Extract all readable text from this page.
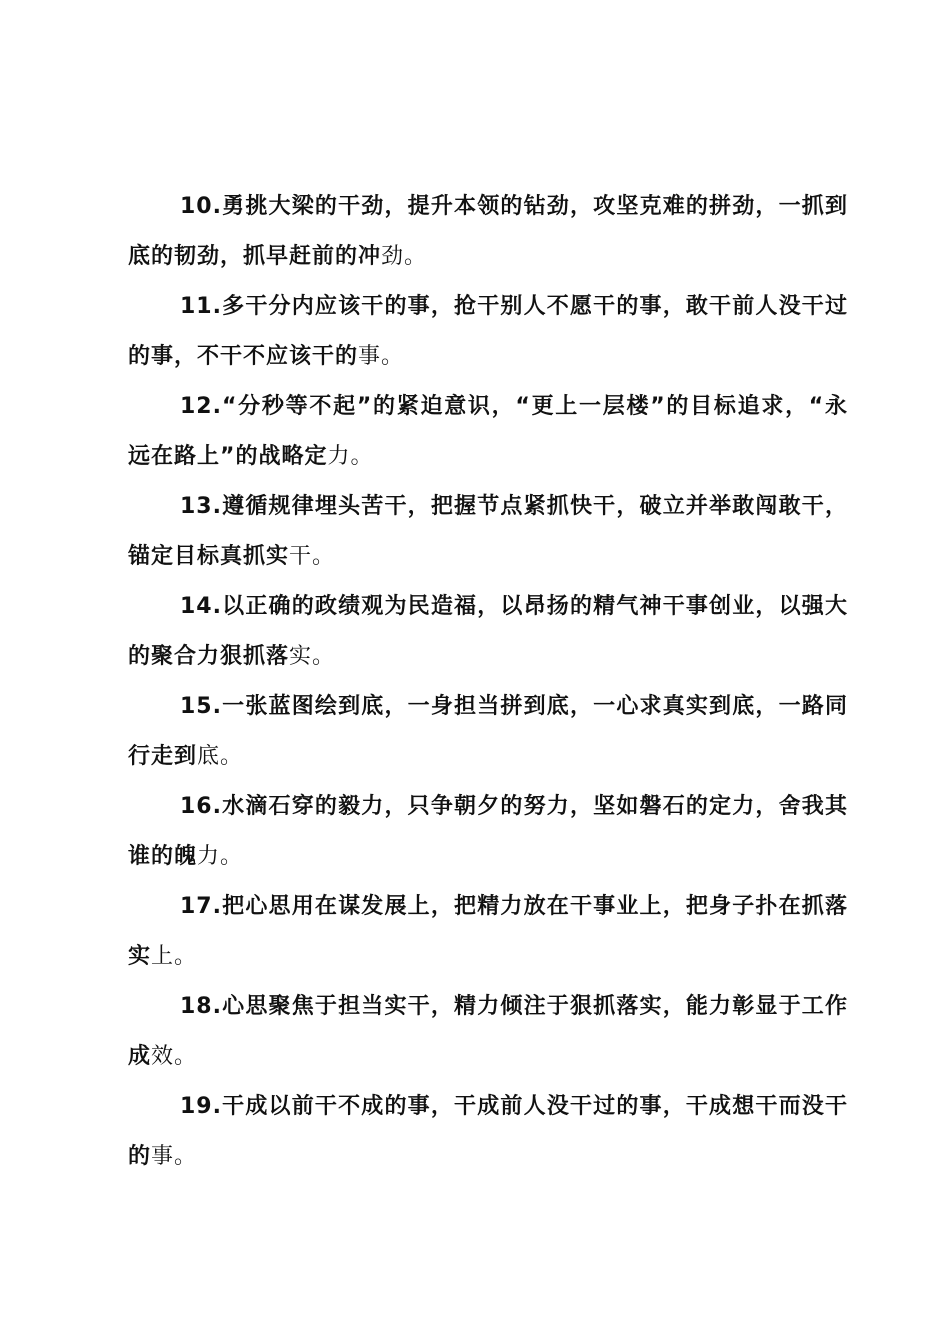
10.勇挑大梁的干劲，提升本领的钻劲，攻坚克难的拼劲，一抓到底的韧劲，抓早赶前的冲劲。

11.多干分内应该干的事，抢干别人不愿干的事，敢干前人没干过的事，不干不应该干的事。

12.“分秒等不起”的紧迫意识，“更上一层楼”的目标追求，“永远在路上”的战略定力。

13.遵循规律埋头苦干，把握节点紧抓快干，破立并举敢闯敢干，锚定目标真抓实干。

14.以正确的政绩观为民造福，以昂扬的精气神干事创业，以强大的聚合力狠抓落实。

15.一张蓝图绘到底，一身担当拼到底，一心求真实到底，一路同行走到底。

16.水滴石穿的毅力，只争朝夕的努力，坚如磐石的定力，舍我其谁的魄力。

17.把心思用在谋发展上，把精力放在干事业上，把身子扑在抓落实上。

18.心思聚焦于担当实干，精力倾注于狠抓落实，能力彰显于工作成效。

19.干成以前干不成的事，干成前人没干过的事，干成想干而没干的事。
